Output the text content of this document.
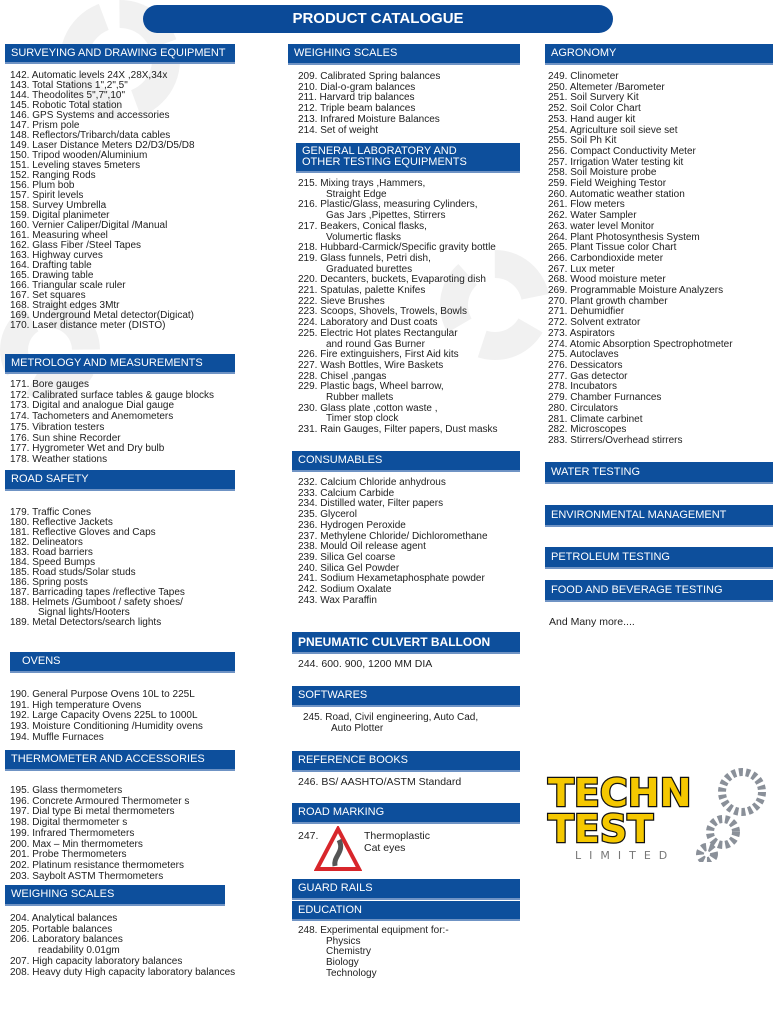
PRODUCT CATALOGUE
SURVEYING AND DRAWING EQUIPMENT
142. Automatic levels 24X ,28X,34x
143. Total Stations 1",2",5"
144. Theodolites 5",7",10"
145. Robotic Total station
146. GPS Systems and accessories
147. Prism pole
148. Reflectors/Tribarch/data cables
149. Laser Distance Meters D2/D3/D5/D8
150. Tripod wooden/Aluminium
151. Leveling staves 5meters
152. Ranging Rods
156. Plum bob
157. Spirit levels
158. Survey Umbrella
159. Digital planimeter
160. Vernier Caliper/Digital /Manual
161. Measuring wheel
162. Glass Fiber /Steel Tapes
163. Highway curves
164. Drafting table
165. Drawing table
166. Triangular scale ruler
167. Set squares
168. Straight edges 3Mtr
169. Underground Metal detector(Digicat)
170. Laser distance meter (DISTO)
METROLOGY AND MEASUREMENTS
171. Bore gauges
172. Calibrated surface tables & gauge blocks
173. Digital and analogue Dial gauge
174. Tachometers and Anemometers
175. Vibration testers
176. Sun shine Recorder
177. Hygrometer Wet and Dry bulb
178. Weather stations
ROAD SAFETY
179. Traffic Cones
180. Reflective Jackets
181. Reflective Gloves and Caps
182. Delineators
183. Road barriers
184. Speed Bumps
185. Road studs/Solar studs
186. Spring posts
187. Barricading tapes /reflective Tapes
188. Helmets /Gumboot / safety shoes/
Signal lights/Hooters
189. Metal Detectors/search lights
OVENS
190. General Purpose Ovens 10L to 225L
191. High temperature Ovens
192. Large Capacity Ovens 225L to 1000L
193. Moisture Conditioning /Humidity ovens
194. Muffle Furnaces
THERMOMETER AND ACCESSORIES
195. Glass thermometers
196. Concrete Armoured Thermometer s
197. Dial type Bi metal thermometers
198. Digital thermometer s
199. Infrared Thermometers
200. Max – Min thermometers
201. Probe Thermometers
202. Platinum resistance thermometers
203. Saybolt ASTM Thermometers
WEIGHING SCALES
204. Analytical balances
205. Portable balances
206. Laboratory balances
readability 0.01gm
207. High capacity laboratory balances
208. Heavy duty High capacity laboratory balances
WEIGHING SCALES
209. Calibrated Spring balances
210. Dial-o-gram balances
211. Harvard trip balances
212. Triple beam balances
213. Infrared Moisture Balances
214. Set of weight
GENERAL LABORATORY AND
OTHER TESTING EQUIPMENTS
215. Mixing trays ,Hammers,
Straight Edge
216. Plastic/Glass, measuring Cylinders,
Gas Jars ,Pipettes, Stirrers
217. Beakers, Conical flasks,
Volumertic flasks
218. Hubbard-Carmick/Specific gravity bottle
219. Glass funnels, Petri dish,
Graduated burettes
220. Decanters, buckets, Evaparoting dish
221. Spatulas, palette Knifes
222. Sieve Brushes
223. Scoops, Shovels, Trowels, Bowls
224. Laboratory and Dust coats
225. Electric Hot plates Rectangular
and round Gas Burner
226. Fire extinguishers, First Aid kits
227. Wash Bottles, Wire Baskets
228. Chisel ,pangas
229. Plastic bags, Wheel barrow,
Rubber mallets
230. Glass plate ,cotton waste ,
Timer stop clock
231. Rain Gauges, Filter papers, Dust masks
CONSUMABLES
232. Calcium Chloride anhydrous
233. Calcium Carbide
234. Distilled water, Filter papers
235. Glycerol
236. Hydrogen Peroxide
237. Methylene Chloride/ Dichloromethane
238. Mould Oil release agent
239. Silica Gel coarse
240. Silica Gel Powder
241. Sodium Hexametaphosphate powder
242. Sodium Oxalate
243. Wax Paraffin
PNEUMATIC CULVERT BALLOON
244. 600. 900, 1200 MM DIA
SOFTWARES
245. Road, Civil engineering, Auto Cad,
Auto Plotter
REFERENCE BOOKS
246. BS/ AASHTO/ASTM Standard
ROAD MARKING
247.	Thermoplastic
Cat eyes
GUARD RAILS
EDUCATION
248. Experimental equipment for:-
Physics
Chemistry
Biology
Technology
AGRONOMY
249. Clinometer
250. Altemeter /Barometer
251. Soil Survery Kit
252. Soil Color Chart
253. Hand auger kit
254. Agriculture soil sieve set
255. Soil Ph Kit
256. Compact Conductivity Meter
257. Irrigation Water testing kit
258. Soil Moisture probe
259. Field Weighing Testor
260. Automatic weather station
261. Flow meters
262. Water Sampler
263. water level Monitor
264. Plant Photosynthesis System
265. Plant Tissue color Chart
266. Carbondioxide meter
267. Lux meter
268. Wood moisture meter
269. Programmable Moisture Analyzers
270. Plant growth chamber
271. Dehumidfier
272. Solvent extrator
273. Aspirators
274. Atomic Absorption Spectrophotmeter
275. Autoclaves
276. Dessicators
277. Gas detector
278. Incubators
279. Chamber Furnances
280. Circulators
281. Climate carbinet
282. Microscopes
283. Stirrers/Overhead stirrers
WATER TESTING
ENVIRONMENTAL MANAGEMENT
PETROLEUM TESTING
FOOD AND BEVERAGE TESTING
And Many more....
TECHN
TEST
LIMITED
